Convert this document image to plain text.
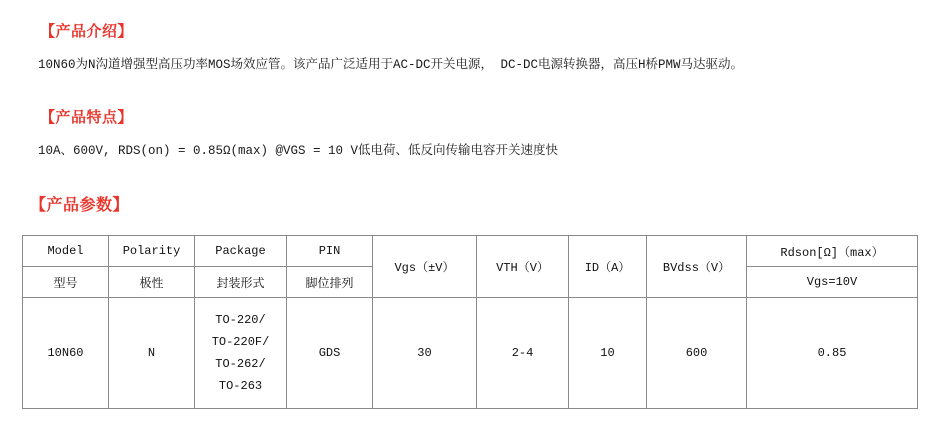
【产品介绍】
10N60为N沟道增强型高压功率MOS场效应管。该产品广泛适用于AC-DC开关电源， DC-DC电源转换器，高压H桥PMW马达驱动。
【产品特点】
10A、600V, RDS(on) = 0.85Ω(max) @VGS = 10 V低电荷、低反向传输电容开关速度快
【产品参数】
Model	Polarity	Package	PIN	Vgs（±V）	VTH（V）	ID（A）	BVdss（V）	Rdson[Ω]（max）
型号	极性	封装形式	脚位排列					Vgs=10V
10N60	N	TO-220/
TO-220F/
TO-262/
TO-263	GDS	30	2-4	10	600	0.85
